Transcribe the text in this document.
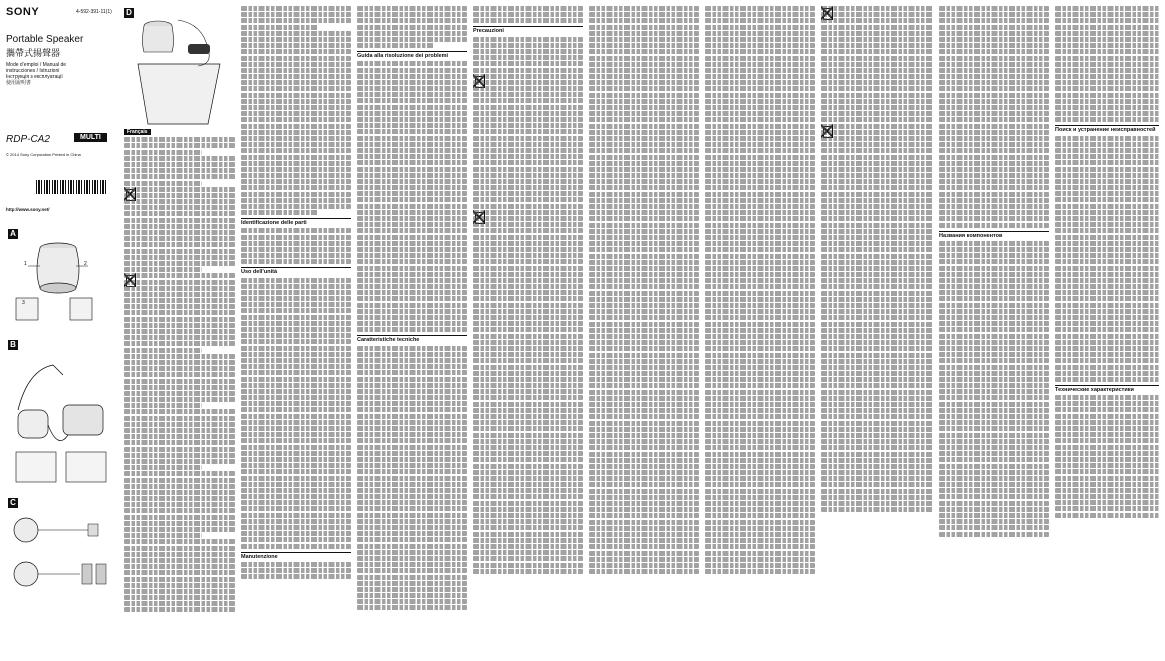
SONY	4-592-391-11(1)
Portable Speaker
攜帶式揚聲器
Mode d’emploi / Manual de
instrucciones / Istruzioni
Інструкція з експлуатації
使用說明書
RDP-CA2	MULTI
© 2014 Sony Corporation Printed in China
http://www.sony.net/
A
1	2
3
B
C
D
Français
Identificazione delle parti
Uso dell’unità
Manutenzione
Guida alla risoluzione dei problemi
Caratteristiche tecniche
Precauzioni
Названия компонентов
Поиск и устранение неисправностей
Технические характеристики
